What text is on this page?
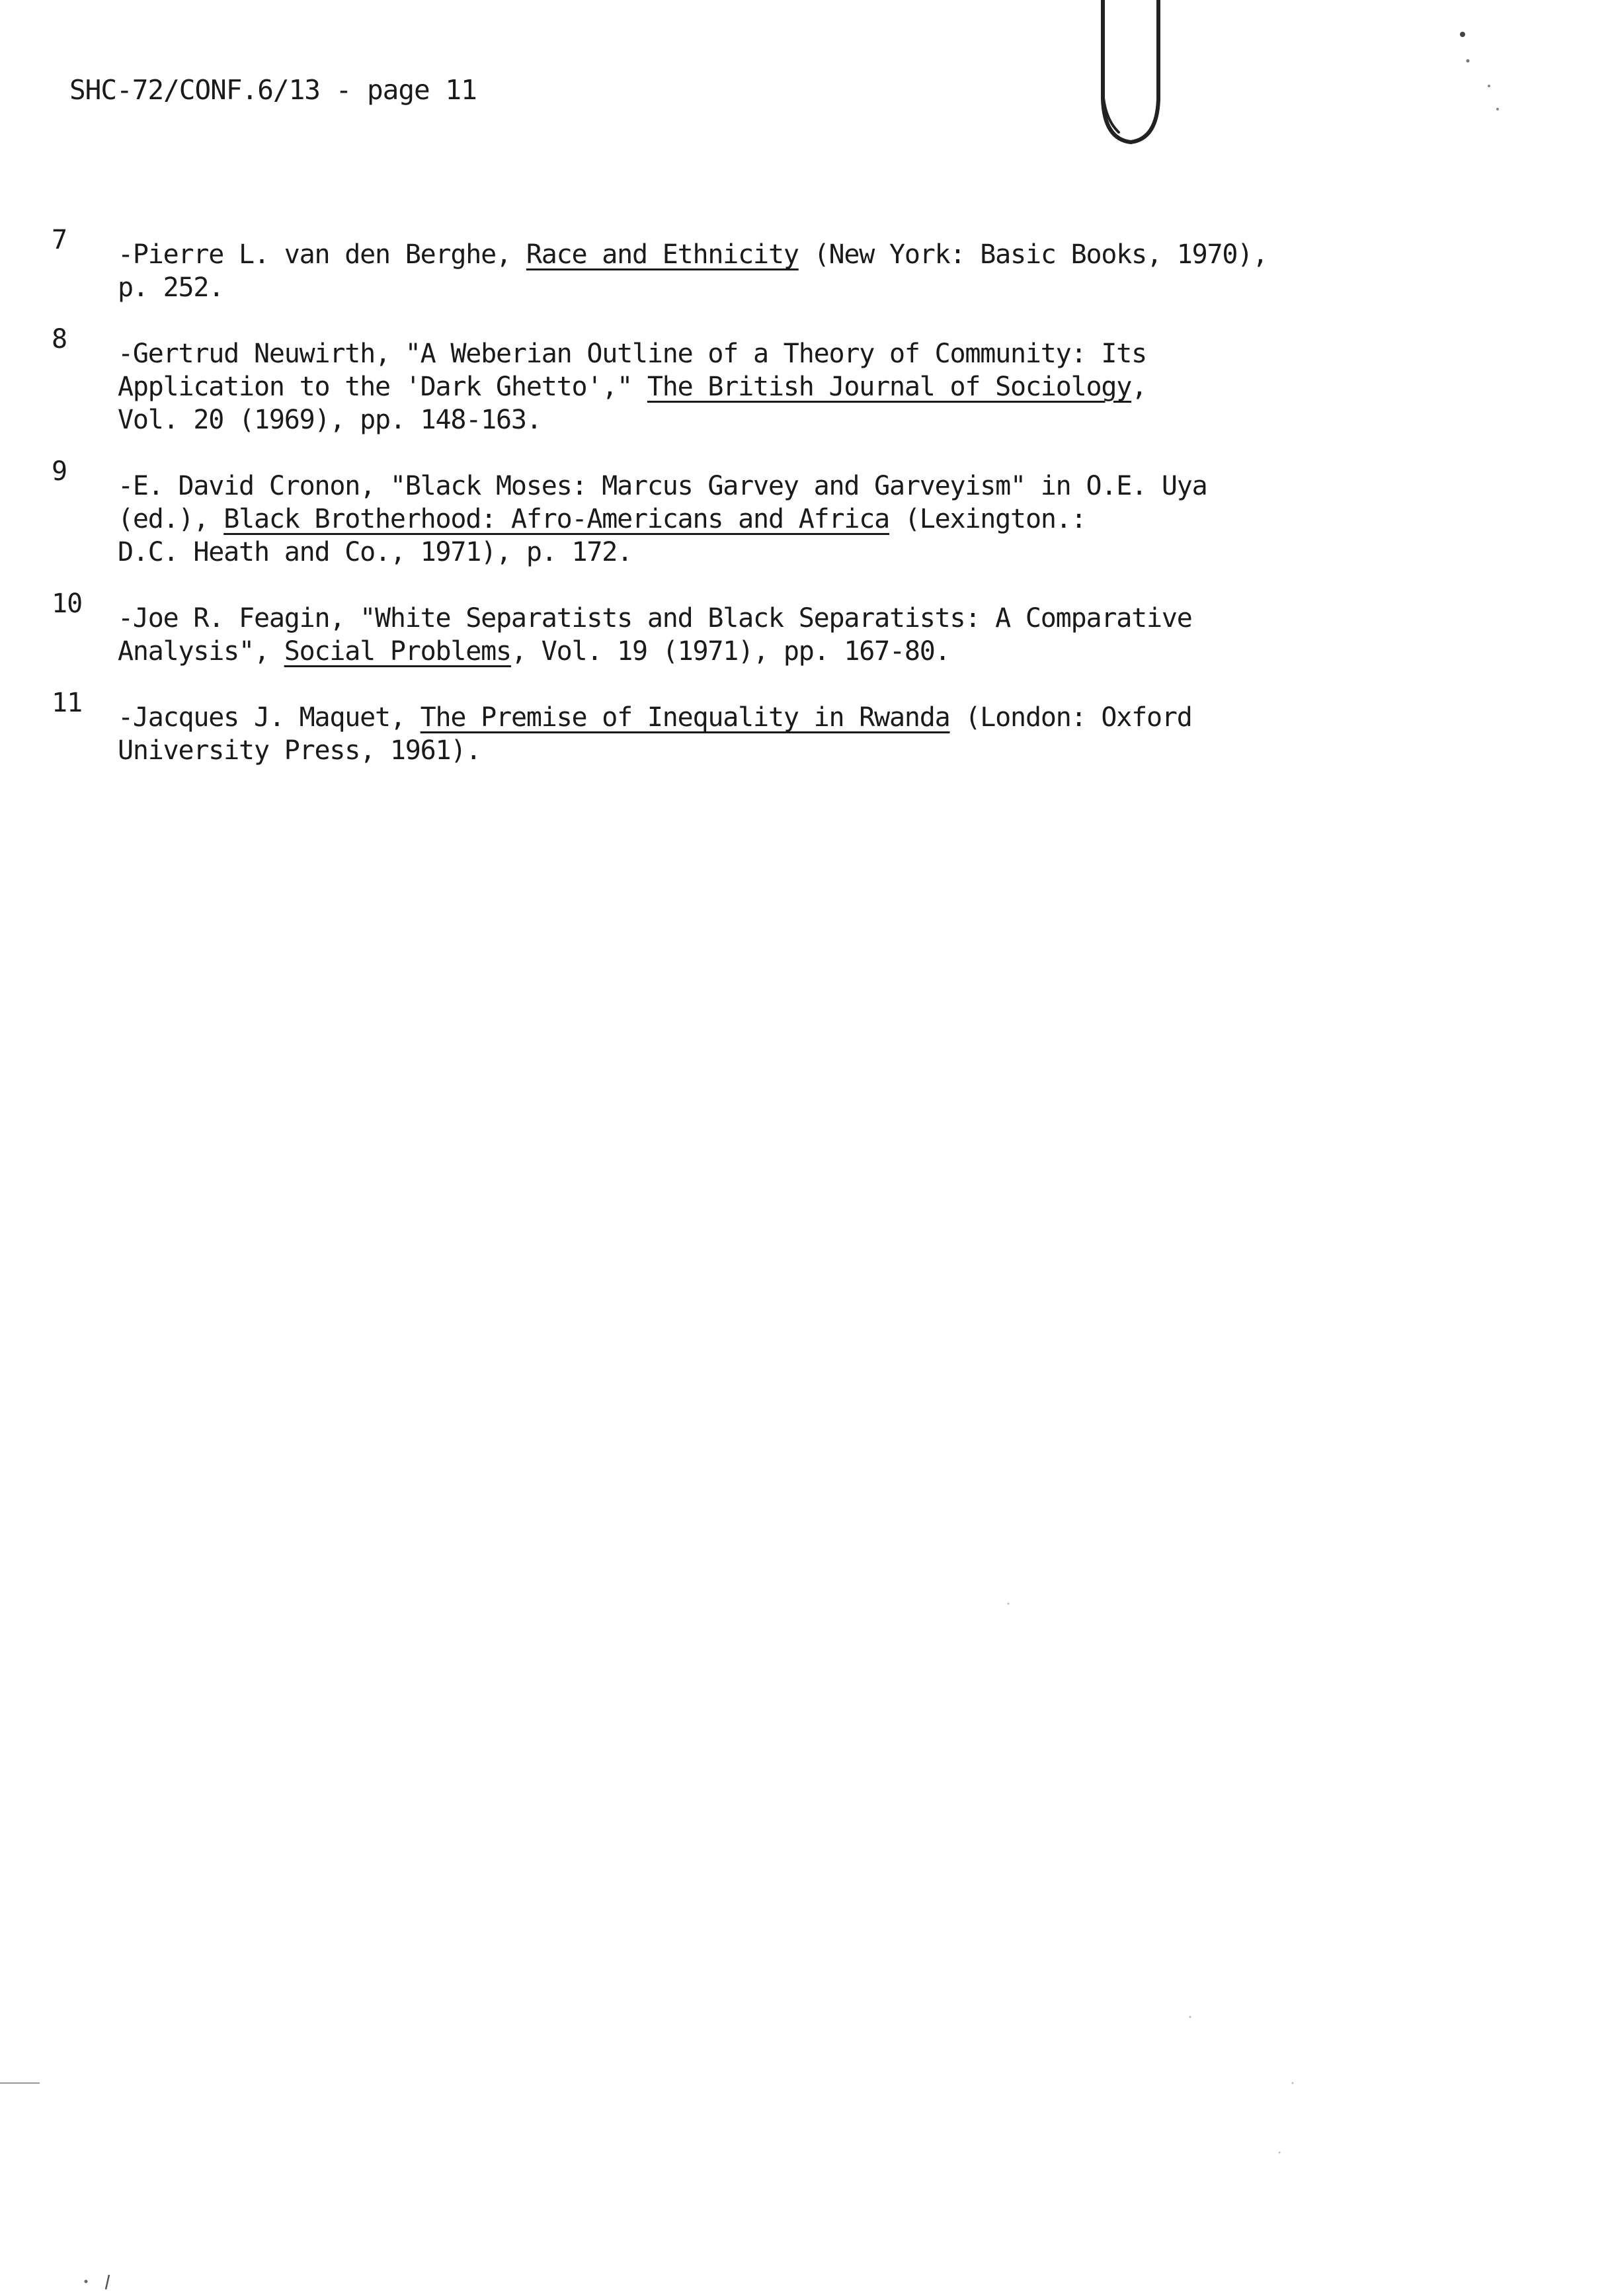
SHC-72/CONF.6/13 - page 11
7	-Pierre L. van den Berghe, Race and Ethnicity (New York: Basic Books, 1970),
p. 252.
8	-Gertrud Neuwirth, "A Weberian Outline of a Theory of Community: Its
Application to the 'Dark Ghetto'," The British Journal of Sociology,
Vol. 20 (1969), pp. 148-163.
9	-E. David Cronon, "Black Moses: Marcus Garvey and Garveyism" in O.E. Uya
(ed.), Black Brotherhood: Afro-Americans and Africa (Lexington.:
D.C. Heath and Co., 1971), p. 172.
10	-Joe R. Feagin, "White Separatists and Black Separatists: A Comparative
Analysis", Social Problems, Vol. 19 (1971), pp. 167-80.
11	-Jacques J. Maquet, The Premise of Inequality in Rwanda (London: Oxford
University Press, 1961).
